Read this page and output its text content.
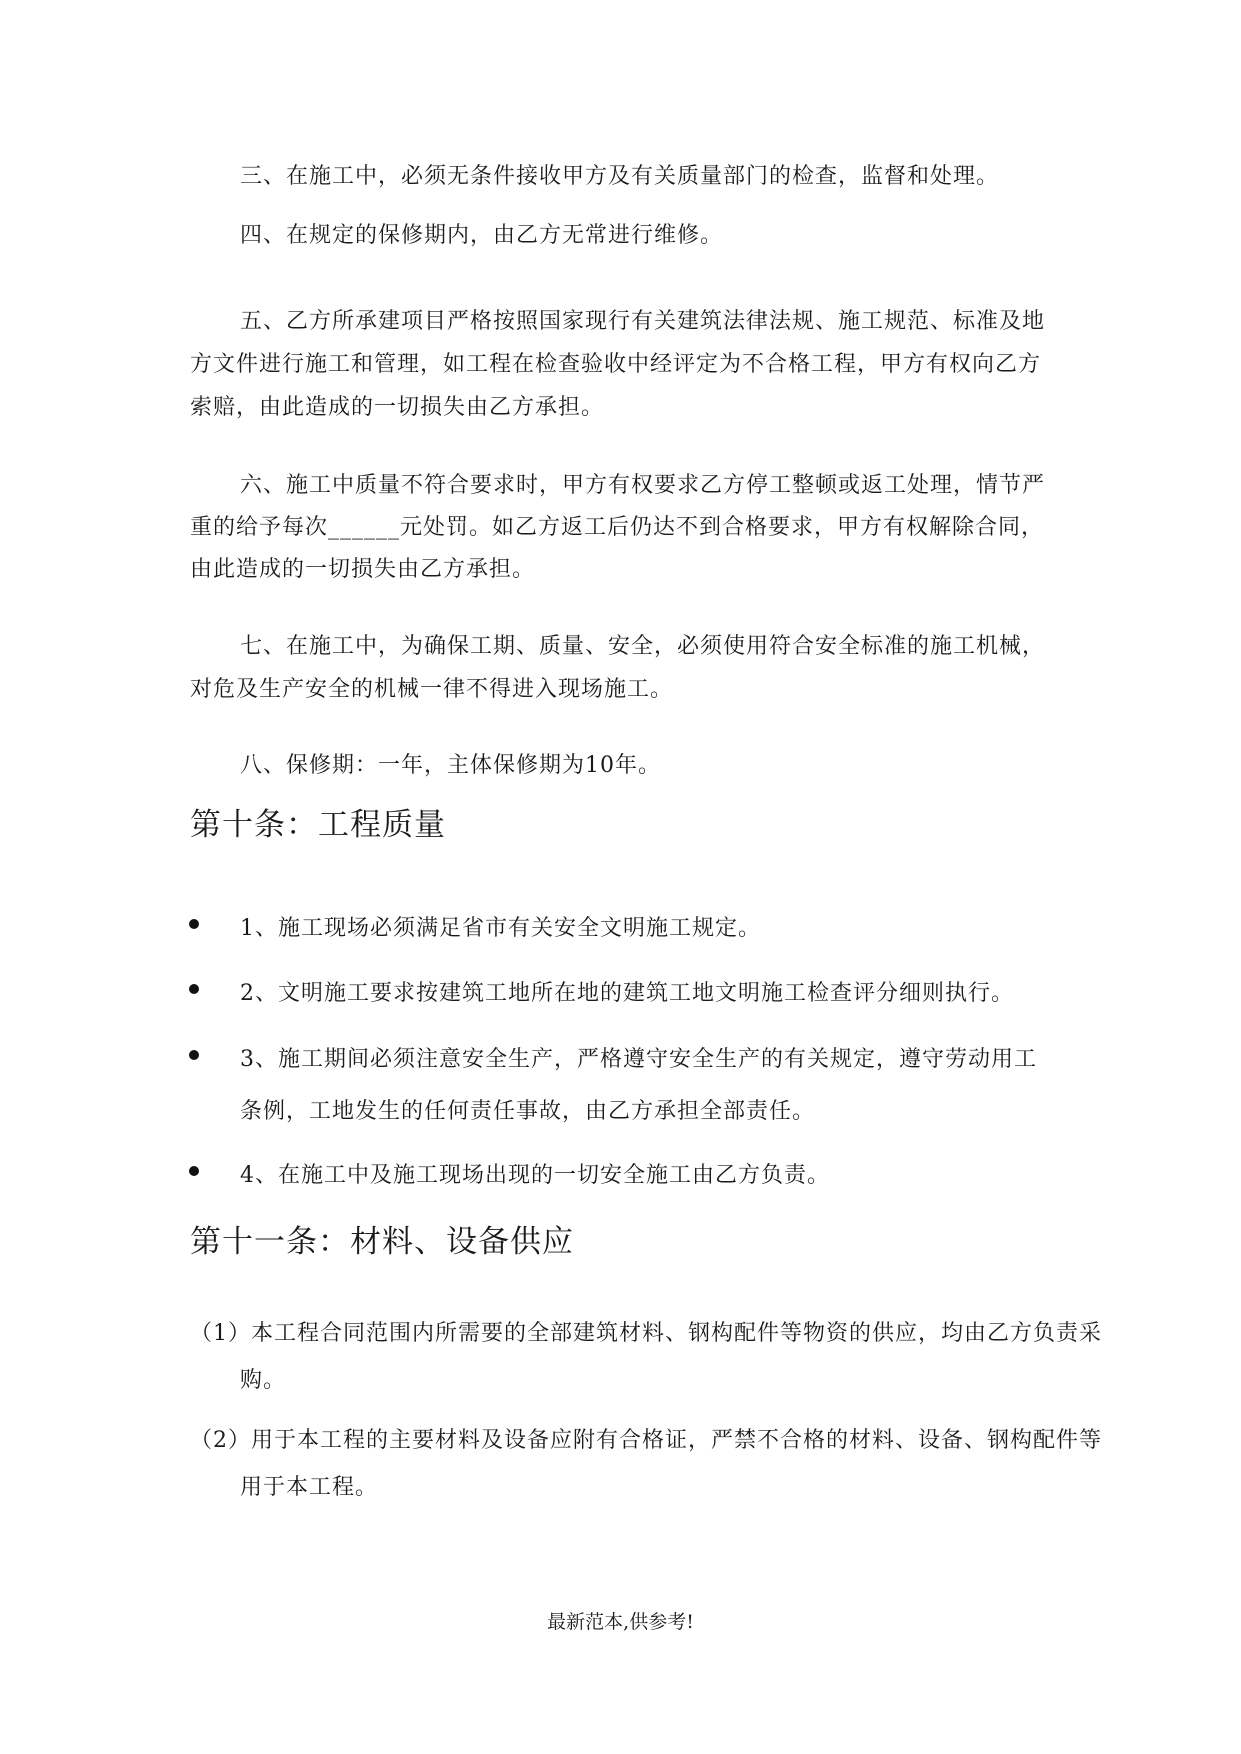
三、在施工中，必须无条件接收甲方及有关质量部门的检查，监督和处理。

四、在规定的保修期内，由乙方无常进行维修。

五、乙方所承建项目严格按照国家现行有关建筑法律法规、施工规范、标准及地方文件进行施工和管理，如工程在检查验收中经评定为不合格工程，甲方有权向乙方索赔，由此造成的一切损失由乙方承担。

六、施工中质量不符合要求时，甲方有权要求乙方停工整顿或返工处理，情节严重的给予每次______元处罚。如乙方返工后仍达不到合格要求，甲方有权解除合同，由此造成的一切损失由乙方承担。

七、在施工中，为确保工期、质量、安全，必须使用符合安全标准的施工机械，对危及生产安全的机械一律不得进入现场施工。

八、保修期：一年，主体保修期为10年。

第十条：工程质量

1、施工现场必须满足省市有关安全文明施工规定。

2、文明施工要求按建筑工地所在地的建筑工地文明施工检查评分细则执行。

3、施工期间必须注意安全生产，严格遵守安全生产的有关规定，遵守劳动用工条例，工地发生的任何责任事故，由乙方承担全部责任。

4、在施工中及施工现场出现的一切安全施工由乙方负责。

第十一条：材料、设备供应

（1）本工程合同范围内所需要的全部建筑材料、钢构配件等物资的供应，均由乙方负责采购。

（2）用于本工程的主要材料及设备应附有合格证，严禁不合格的材料、设备、钢构配件等用于本工程。

最新范本,供参考!
